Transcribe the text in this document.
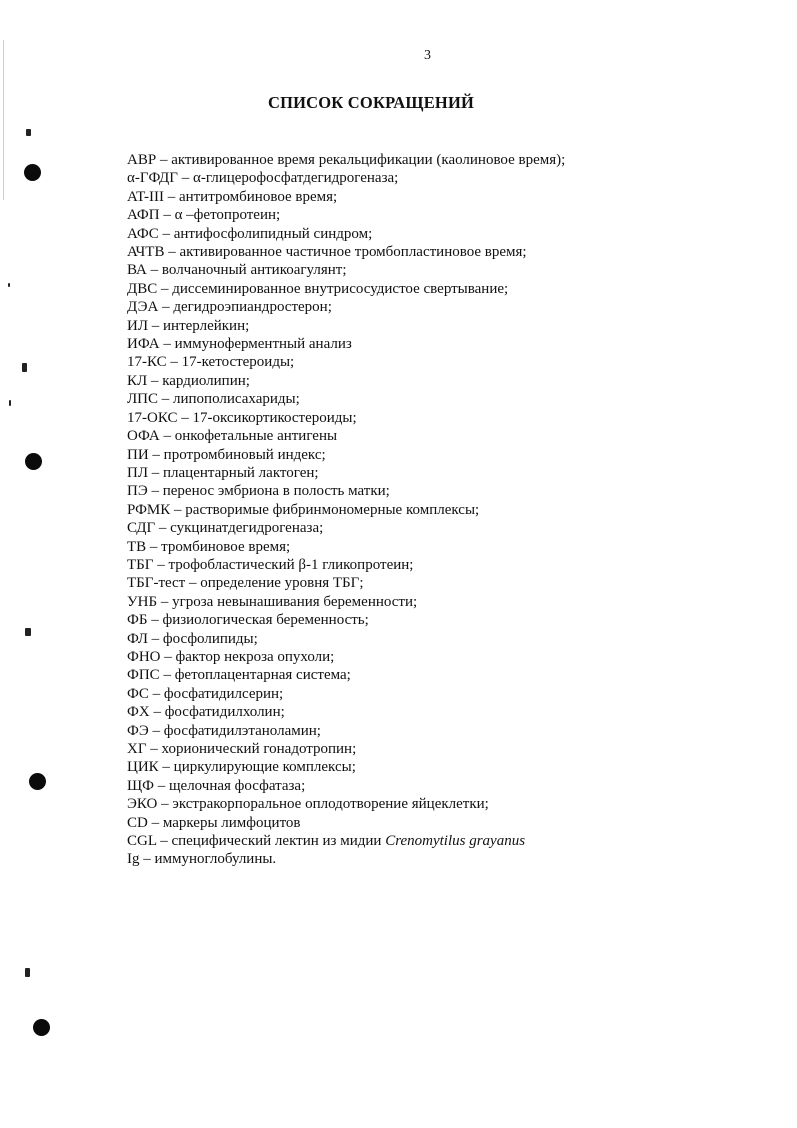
3
СПИСОК СОКРАЩЕНИЙ
АВР – активированное время рекальцификации (каолиновое время);
α-ГФДГ – α-глицерофосфатдегидрогеназа;
AT-III – антитромбиновое время;
АФП – α –фетопротеин;
АФС – антифосфолипидный синдром;
АЧТВ – активированное частичное тромбопластиновое время;
ВА – волчаночный антикоагулянт;
ДВС – диссеминированное внутрисосудистое свертывание;
ДЭА – дегидроэпиандростерон;
ИЛ – интерлейкин;
ИФА – иммуноферментный анализ
17-КС – 17-кетостероиды;
КЛ – кардиолипин;
ЛПС – липополисахариды;
17-ОКС – 17-оксикортикостероиды;
ОФА – онкофетальные антигены
ПИ – протромбиновый индекс;
ПЛ – плацентарный лактоген;
ПЭ – перенос эмбриона в полость матки;
РФМК – растворимые фибринмономерные комплексы;
СДГ – сукцинатдегидрогеназа;
ТВ – тромбиновое время;
ТБГ – трофобластический β-1 гликопротеин;
ТБГ-тест – определение уровня ТБГ;
УНБ – угроза невынашивания беременности;
ФБ – физиологическая беременность;
ФЛ – фосфолипиды;
ФНО – фактор некроза опухоли;
ФПС – фетоплацентарная система;
ФС – фосфатидилсерин;
ФХ – фосфатидилхолин;
ФЭ – фосфатидилэтаноламин;
ХГ – хорионический гонадотропин;
ЦИК – циркулирующие комплексы;
ЩФ – щелочная фосфатаза;
ЭКО – экстракорпоральное оплодотворение яйцеклетки;
CD – маркеры лимфоцитов
CGL – специфический лектин из мидии Crenomytilus grayanus
Ig – иммуноглобулины.
